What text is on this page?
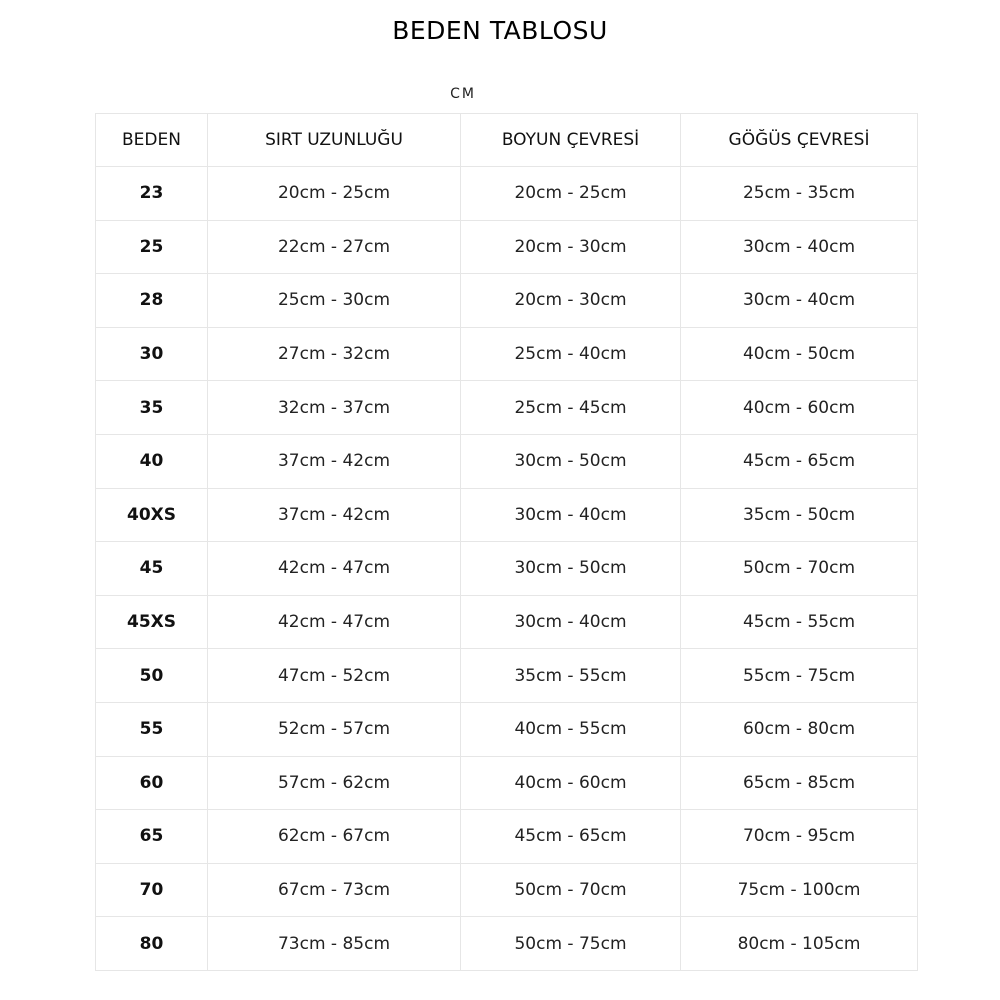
BEDEN TABLOSU
CM
BEDEN	SIRT UZUNLUĞU	BOYUN ÇEVRESİ	GÖĞÜS ÇEVRESİ
23	20cm - 25cm	20cm - 25cm	25cm - 35cm
25	22cm - 27cm	20cm - 30cm	30cm - 40cm
28	25cm - 30cm	20cm - 30cm	30cm - 40cm
30	27cm - 32cm	25cm - 40cm	40cm - 50cm
35	32cm - 37cm	25cm - 45cm	40cm - 60cm
40	37cm - 42cm	30cm - 50cm	45cm - 65cm
40XS	37cm - 42cm	30cm - 40cm	35cm - 50cm
45	42cm - 47cm	30cm - 50cm	50cm - 70cm
45XS	42cm - 47cm	30cm - 40cm	45cm - 55cm
50	47cm - 52cm	35cm - 55cm	55cm - 75cm
55	52cm - 57cm	40cm - 55cm	60cm - 80cm
60	57cm - 62cm	40cm - 60cm	65cm - 85cm
65	62cm - 67cm	45cm - 65cm	70cm - 95cm
70	67cm - 73cm	50cm - 70cm	75cm - 100cm
80	73cm - 85cm	50cm - 75cm	80cm - 105cm
